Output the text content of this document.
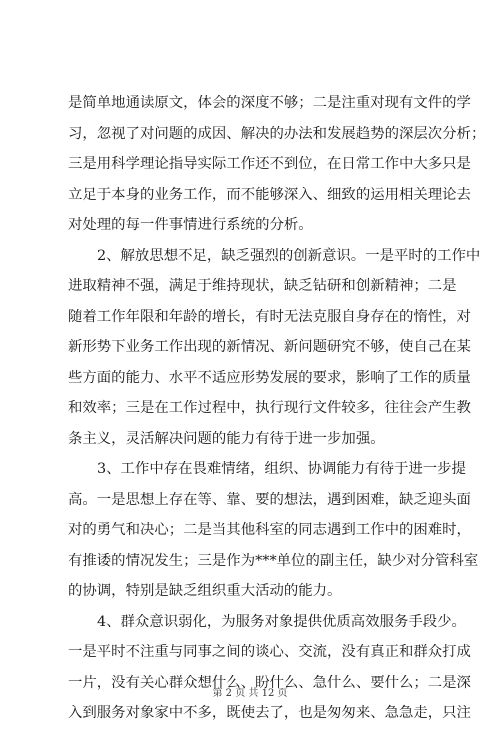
是简单地通读原文，体会的深度不够；二是注重对现有文件的学
习，忽视了对问题的成因、解决的办法和发展趋势的深层次分析；
三是用科学理论指导实际工作还不到位，在日常工作中大多只是
立足于本身的业务工作，而不能够深入、细致的运用相关理论去
对处理的每一件事情进行系统的分析。
2、解放思想不足，缺乏强烈的创新意识。一是平时的工作中
进取精神不强，满足于维持现状，缺乏钻研和创新精神；二是
随着工作年限和年龄的增长，有时无法克服自身存在的惰性，对
新形势下业务工作出现的新情况、新问题研究不够，使自己在某
些方面的能力、水平不适应形势发展的要求，影响了工作的质量
和效率；三是在工作过程中，执行现行文件较多，往往会产生教
条主义，灵活解决问题的能力有待于进一步加强。
3、工作中存在畏难情绪，组织、协调能力有待于进一步提
高。一是思想上存在等、靠、要的想法，遇到困难，缺乏迎头面
对的勇气和决心；二是当其他科室的同志遇到工作中的困难时，
有推诿的情况发生；三是作为***单位的副主任，缺少对分管科室
的协调，特别是缺乏组织重大活动的能力。
4、群众意识弱化，为服务对象提供优质高效服务手段少。
一是平时不注重与同事之间的谈心、交流，没有真正和群众打成
一片，没有关心群众想什么、盼什么、急什么、要什么；二是深
入到服务对象家中不多，既使去了，也是匆匆来、急急走，只注
第 2 页 共 12 页
